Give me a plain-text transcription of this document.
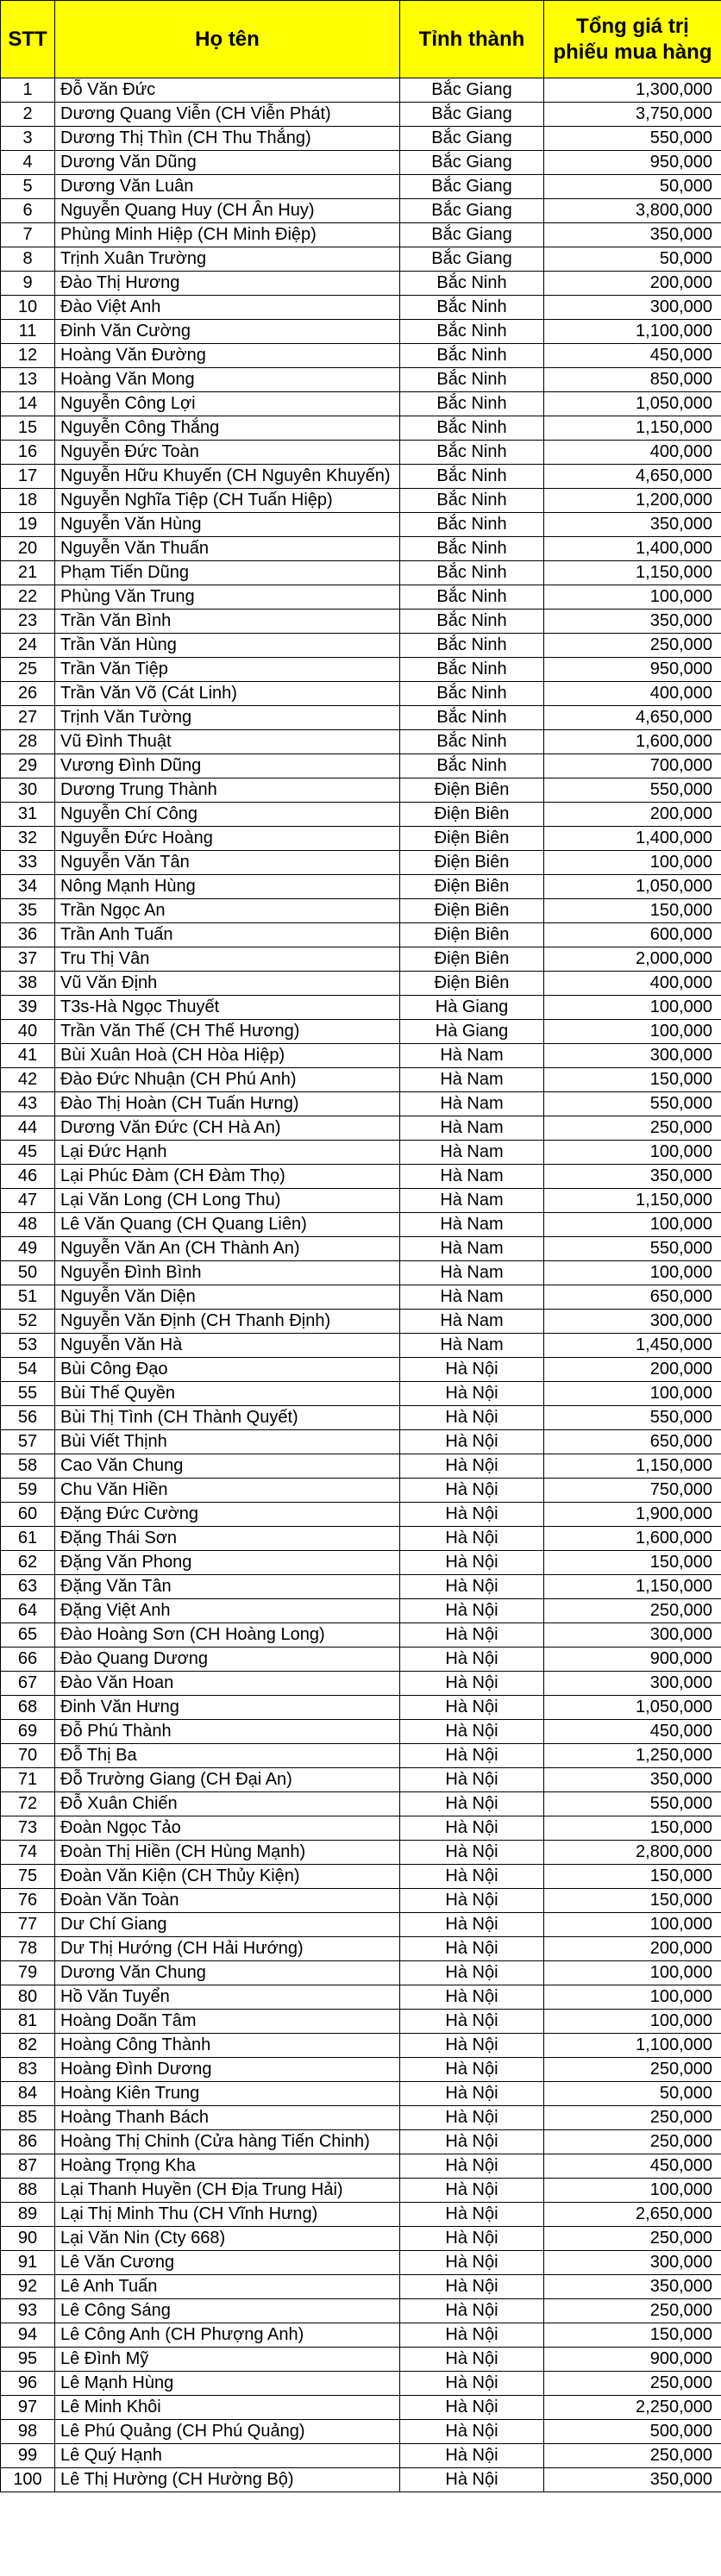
STT	Họ tên	Tỉnh thành	Tổng giá trị phiếu mua hàng
1	Đỗ Văn Đức	Bắc Giang	1,300,000
2	Dương Quang Viễn (CH Viễn Phát)	Bắc Giang	3,750,000
3	Dương Thị Thìn (CH Thu Thắng)	Bắc Giang	550,000
4	Dương Văn Dũng	Bắc Giang	950,000
5	Dương Văn Luân	Bắc Giang	50,000
6	Nguyễn Quang Huy (CH Ân Huy)	Bắc Giang	3,800,000
7	Phùng Minh Hiệp (CH Minh Điệp)	Bắc Giang	350,000
8	Trịnh Xuân Trường	Bắc Giang	50,000
9	Đào Thị Hương	Bắc Ninh	200,000
10	Đào Việt Anh	Bắc Ninh	300,000
11	Đinh Văn Cường	Bắc Ninh	1,100,000
12	Hoàng Văn Đường	Bắc Ninh	450,000
13	Hoàng Văn Mong	Bắc Ninh	850,000
14	Nguyễn Công Lợi	Bắc Ninh	1,050,000
15	Nguyễn Công Thắng	Bắc Ninh	1,150,000
16	Nguyễn Đức Toàn	Bắc Ninh	400,000
17	Nguyễn Hữu Khuyến (CH Nguyên Khuyến)	Bắc Ninh	4,650,000
18	Nguyễn Nghĩa Tiệp (CH Tuấn Hiệp)	Bắc Ninh	1,200,000
19	Nguyễn Văn Hùng	Bắc Ninh	350,000
20	Nguyễn Văn Thuấn	Bắc Ninh	1,400,000
21	Phạm Tiến Dũng	Bắc Ninh	1,150,000
22	Phùng Văn Trung	Bắc Ninh	100,000
23	Trần Văn Bình	Bắc Ninh	350,000
24	Trần Văn Hùng	Bắc Ninh	250,000
25	Trần Văn Tiệp	Bắc Ninh	950,000
26	Trần Văn Võ (Cát Linh)	Bắc Ninh	400,000
27	Trịnh Văn Tường	Bắc Ninh	4,650,000
28	Vũ Đình Thuật	Bắc Ninh	1,600,000
29	Vương Đình Dũng	Bắc Ninh	700,000
30	Dương Trung Thành	Điện Biên	550,000
31	Nguyễn Chí Công	Điện Biên	200,000
32	Nguyễn Đức Hoàng	Điện Biên	1,400,000
33	Nguyễn Văn Tân	Điện Biên	100,000
34	Nông Mạnh Hùng	Điện Biên	1,050,000
35	Trần Ngọc An	Điện Biên	150,000
36	Trần Anh Tuấn	Điện Biên	600,000
37	Tru Thị Vân	Điện Biên	2,000,000
38	Vũ Văn Định	Điện Biên	400,000
39	T3s-Hà Ngọc Thuyết	Hà Giang	100,000
40	Trần Văn Thế (CH Thế Hương)	Hà Giang	100,000
41	Bùi Xuân Hoà (CH Hòa Hiệp)	Hà Nam	300,000
42	Đào Đức Nhuận (CH Phú Anh)	Hà Nam	150,000
43	Đào Thị Hoàn (CH Tuấn Hưng)	Hà Nam	550,000
44	Dương Văn Đức (CH Hà An)	Hà Nam	250,000
45	Lại Đức Hạnh	Hà Nam	100,000
46	Lại Phúc Đàm (CH Đàm Thọ)	Hà Nam	350,000
47	Lại Văn Long (CH Long Thu)	Hà Nam	1,150,000
48	Lê Văn Quang (CH Quang Liên)	Hà Nam	100,000
49	Nguyễn Văn An (CH Thành An)	Hà Nam	550,000
50	Nguyễn Đình Bình	Hà Nam	100,000
51	Nguyễn Văn Diện	Hà Nam	650,000
52	Nguyễn Văn Định (CH Thanh Định)	Hà Nam	300,000
53	Nguyễn Văn Hà	Hà Nam	1,450,000
54	Bùi Công Đạo	Hà Nội	200,000
55	Bùi Thế Quyền	Hà Nội	100,000
56	Bùi Thị Tình (CH Thành Quyết)	Hà Nội	550,000
57	Bùi Viết Thịnh	Hà Nội	650,000
58	Cao Văn Chung	Hà Nội	1,150,000
59	Chu Văn Hiền	Hà Nội	750,000
60	Đặng Đức Cường	Hà Nội	1,900,000
61	Đặng Thái Sơn	Hà Nội	1,600,000
62	Đặng Văn Phong	Hà Nội	150,000
63	Đặng Văn Tân	Hà Nội	1,150,000
64	Đặng Việt Anh	Hà Nội	250,000
65	Đào Hoàng Sơn (CH Hoàng Long)	Hà Nội	300,000
66	Đào Quang Dương	Hà Nội	900,000
67	Đào Văn Hoan	Hà Nội	300,000
68	Đinh Văn Hưng	Hà Nội	1,050,000
69	Đỗ Phú Thành	Hà Nội	450,000
70	Đỗ Thị Ba	Hà Nội	1,250,000
71	Đỗ Trường Giang (CH Đại An)	Hà Nội	350,000
72	Đỗ Xuân Chiến	Hà Nội	550,000
73	Đoàn Ngọc Tảo	Hà Nội	150,000
74	Đoàn Thị Hiền (CH Hùng Mạnh)	Hà Nội	2,800,000
75	Đoàn Văn Kiện (CH Thủy Kiện)	Hà Nội	150,000
76	Đoàn Văn Toàn	Hà Nội	150,000
77	Dư Chí Giang	Hà Nội	100,000
78	Dư Thị Hướng (CH Hải Hướng)	Hà Nội	200,000
79	Dương Văn Chung	Hà Nội	100,000
80	Hồ Văn Tuyển	Hà Nội	100,000
81	Hoàng Doãn Tâm	Hà Nội	100,000
82	Hoàng Công Thành	Hà Nội	1,100,000
83	Hoàng Đình Dương	Hà Nội	250,000
84	Hoàng Kiên Trung	Hà Nội	50,000
85	Hoàng Thanh Bách	Hà Nội	250,000
86	Hoàng Thị Chinh (Cửa hàng Tiến Chinh)	Hà Nội	250,000
87	Hoàng Trọng Kha	Hà Nội	450,000
88	Lại Thanh Huyền (CH Địa Trung Hải)	Hà Nội	100,000
89	Lại Thị Minh Thu (CH Vĩnh Hưng)	Hà Nội	2,650,000
90	Lại Văn Nin (Cty 668)	Hà Nội	250,000
91	Lê Văn Cương	Hà Nội	300,000
92	Lê Anh Tuấn	Hà Nội	350,000
93	Lê Công Sáng	Hà Nội	250,000
94	Lê Công Anh (CH Phượng Anh)	Hà Nội	150,000
95	Lê Đình Mỹ	Hà Nội	900,000
96	Lê Mạnh Hùng	Hà Nội	250,000
97	Lê Minh Khôi	Hà Nội	2,250,000
98	Lê Phú Quảng (CH Phú Quảng)	Hà Nội	500,000
99	Lê Quý Hạnh	Hà Nội	250,000
100	Lê Thị Hường (CH Hường Bộ)	Hà Nội	350,000
